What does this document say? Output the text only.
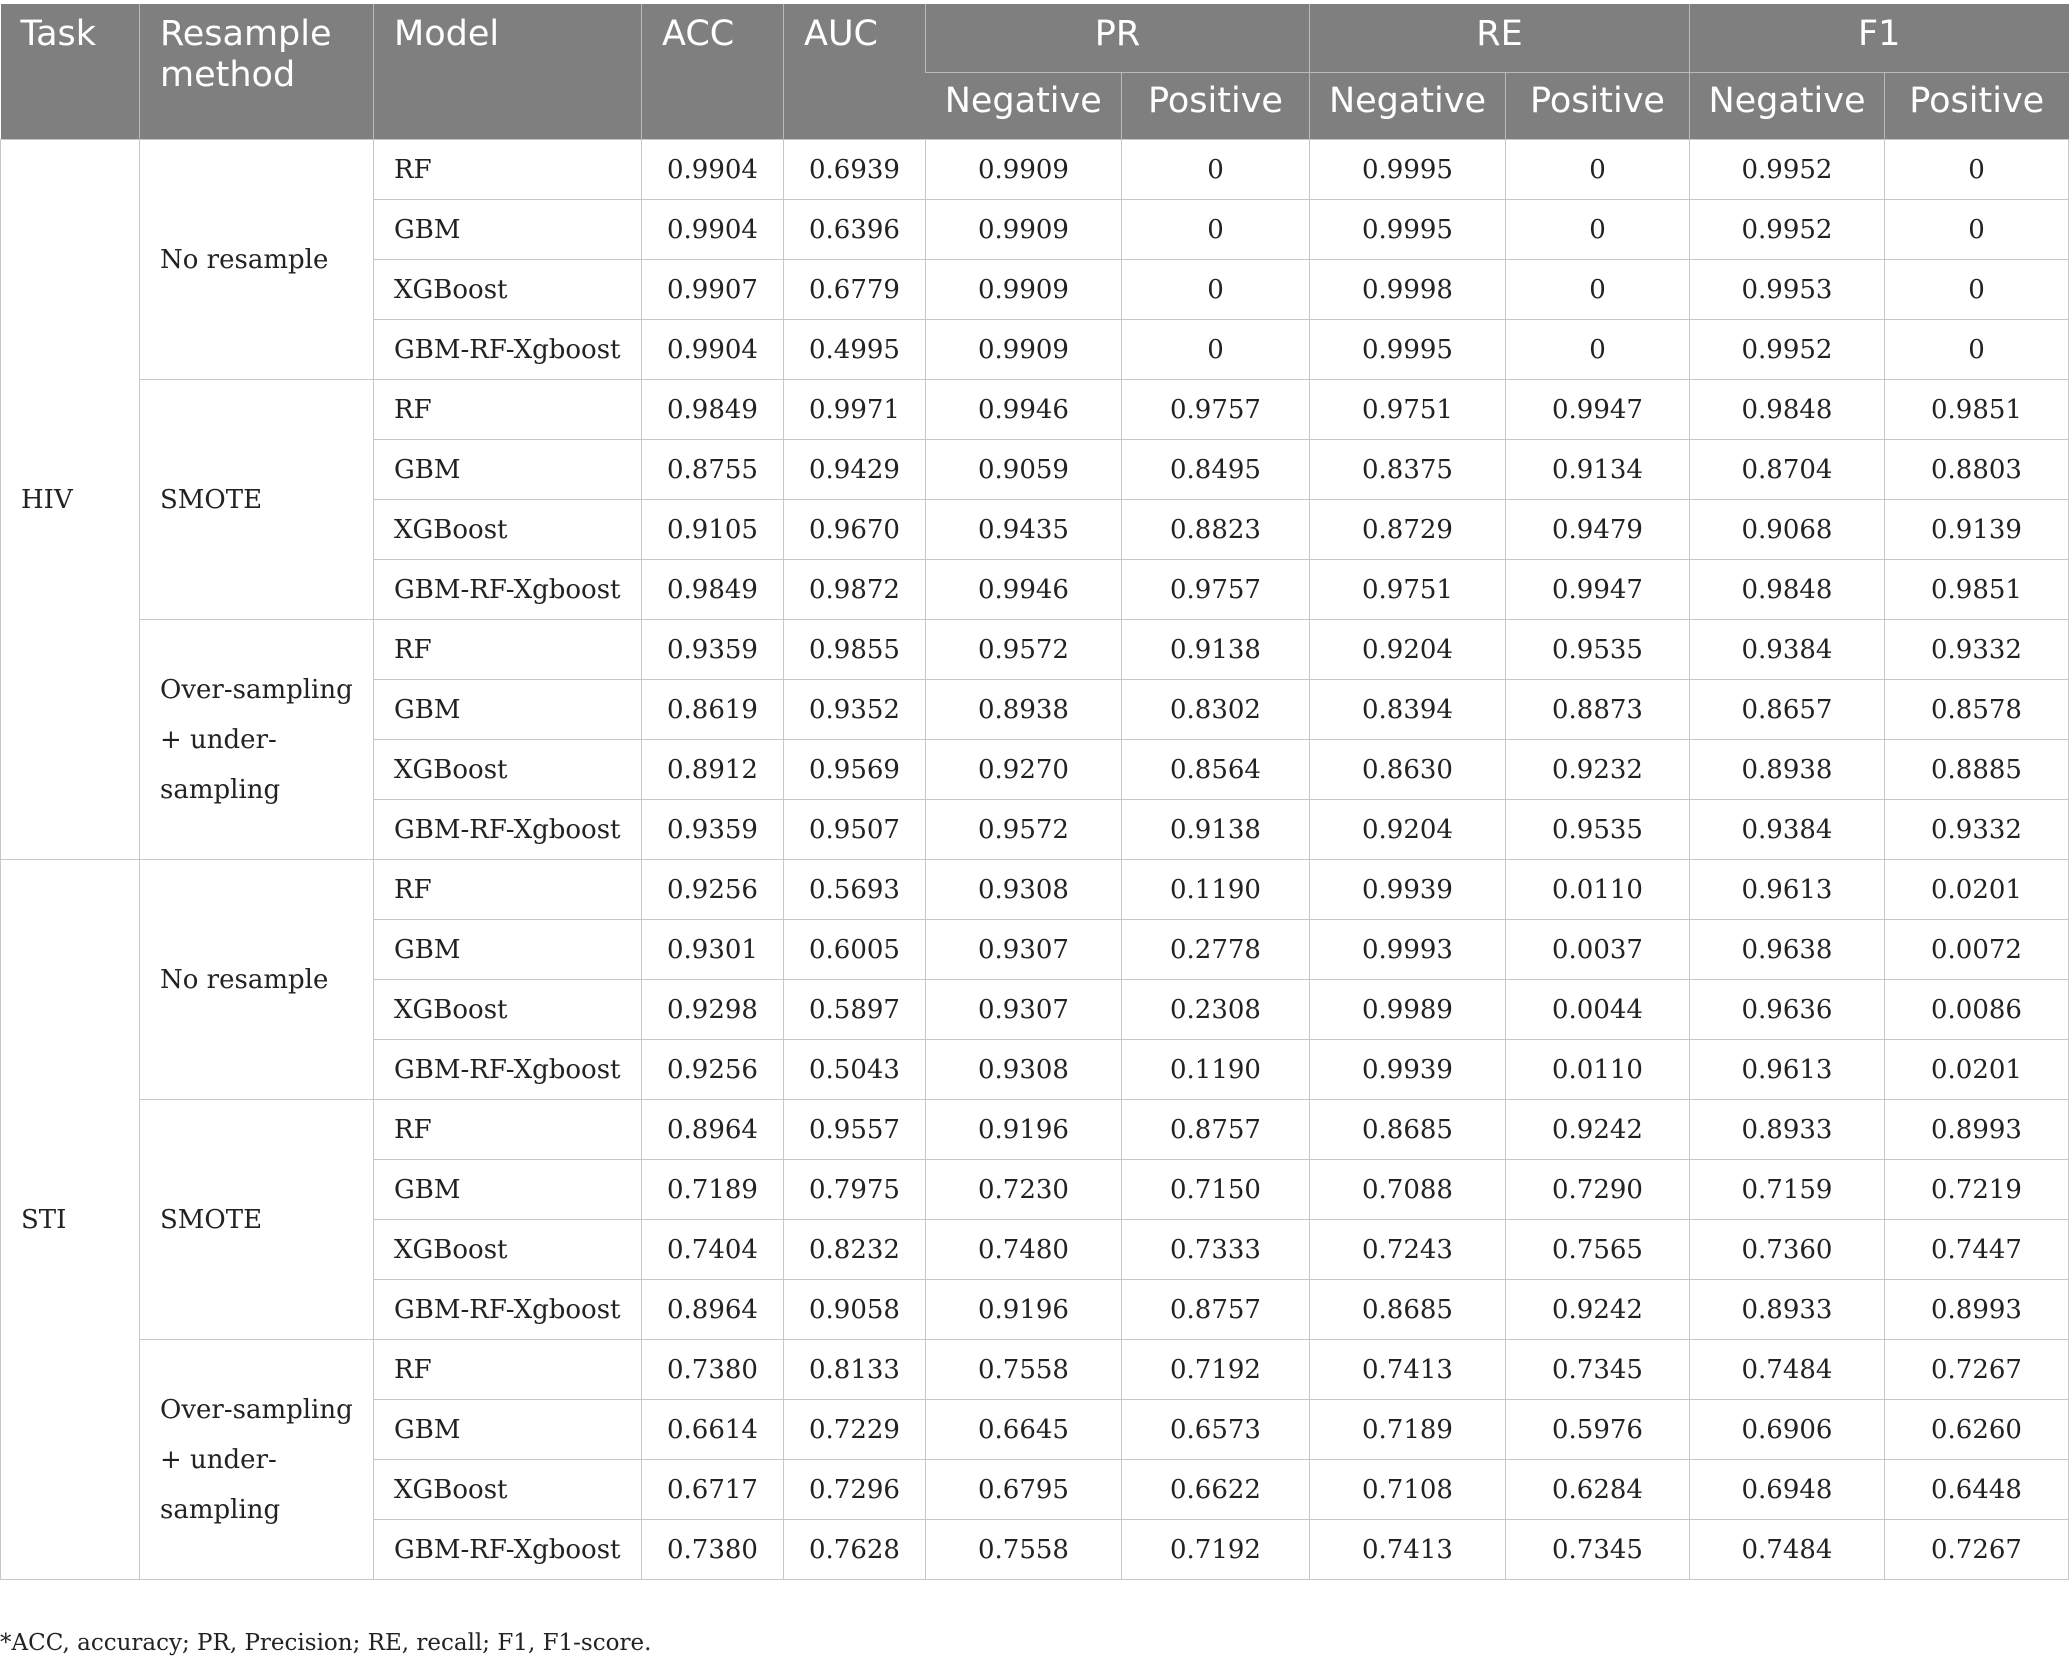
Task	Resample method	Model	ACC	AUC	PR		RE		F1	
					Negative	Positive	Negative	Positive	Negative	Positive
HIV	No resample	RF	0.9904	0.6939	0.9909	0	0.9995	0	0.9952	0
		GBM	0.9904	0.6396	0.9909	0	0.9995	0	0.9952	0
		XGBoost	0.9907	0.6779	0.9909	0	0.9998	0	0.9953	0
		GBM-RF-Xgboost	0.9904	0.4995	0.9909	0	0.9995	0	0.9952	0
	SMOTE	RF	0.9849	0.9971	0.9946	0.9757	0.9751	0.9947	0.9848	0.9851
		GBM	0.8755	0.9429	0.9059	0.8495	0.8375	0.9134	0.8704	0.8803
		XGBoost	0.9105	0.9670	0.9435	0.8823	0.8729	0.9479	0.9068	0.9139
		GBM-RF-Xgboost	0.9849	0.9872	0.9946	0.9757	0.9751	0.9947	0.9848	0.9851
	Over-sampling + under-sampling	RF	0.9359	0.9855	0.9572	0.9138	0.9204	0.9535	0.9384	0.9332
		GBM	0.8619	0.9352	0.8938	0.8302	0.8394	0.8873	0.8657	0.8578
		XGBoost	0.8912	0.9569	0.9270	0.8564	0.8630	0.9232	0.8938	0.8885
		GBM-RF-Xgboost	0.9359	0.9507	0.9572	0.9138	0.9204	0.9535	0.9384	0.9332
STI	No resample	RF	0.9256	0.5693	0.9308	0.1190	0.9939	0.0110	0.9613	0.0201
		GBM	0.9301	0.6005	0.9307	0.2778	0.9993	0.0037	0.9638	0.0072
		XGBoost	0.9298	0.5897	0.9307	0.2308	0.9989	0.0044	0.9636	0.0086
		GBM-RF-Xgboost	0.9256	0.5043	0.9308	0.1190	0.9939	0.0110	0.9613	0.0201
	SMOTE	RF	0.8964	0.9557	0.9196	0.8757	0.8685	0.9242	0.8933	0.8993
		GBM	0.7189	0.7975	0.7230	0.7150	0.7088	0.7290	0.7159	0.7219
		XGBoost	0.7404	0.8232	0.7480	0.7333	0.7243	0.7565	0.7360	0.7447
		GBM-RF-Xgboost	0.8964	0.9058	0.9196	0.8757	0.8685	0.9242	0.8933	0.8993
	Over-sampling + under-sampling	RF	0.7380	0.8133	0.7558	0.7192	0.7413	0.7345	0.7484	0.7267
		GBM	0.6614	0.7229	0.6645	0.6573	0.7189	0.5976	0.6906	0.6260
		XGBoost	0.6717	0.7296	0.6795	0.6622	0.7108	0.6284	0.6948	0.6448
		GBM-RF-Xgboost	0.7380	0.7628	0.7558	0.7192	0.7413	0.7345	0.7484	0.7267
*ACC, accuracy; PR, Precision; RE, recall; F1, F1-score.
